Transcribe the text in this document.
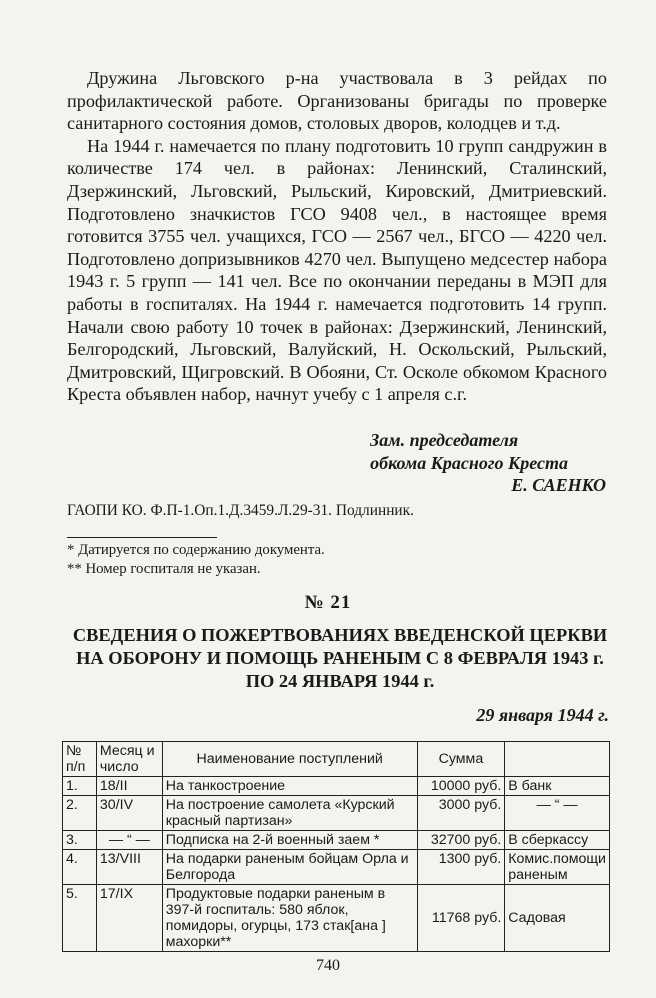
Дружина Льговского р-на участвовала в 3 рейдах по профилактической работе. Организованы бригады по проверке санитарного состояния домов, столовых дворов, колодцев и т.д.

На 1944 г. намечается по плану подготовить 10 групп сандружин в количестве 174 чел. в районах: Ленинский, Сталинский, Дзержинский, Льговский, Рыльский, Кировский, Дмитриевский. Подготовлено значкистов ГСО 9408 чел., в настоящее время готовится 3755 чел. учащихся, ГСО — 2567 чел., БГСО — 4220 чел. Подготовлено допризывников 4270 чел. Выпущено медсестер набора 1943 г. 5 групп — 141 чел. Все по окончании переданы в МЭП для работы в госпиталях. На 1944 г. намечается подготовить 14 групп. Начали свою работу 10 точек в районах: Дзержинский, Ленинский, Белгородский, Льговский, Валуйский, Н. Оскольский, Рыльский, Дмитровский, Щигровский. В Обояни, Ст. Осколе обкомом Красного Креста объявлен набор, начнут учебу с 1 апреля с.г.

Зам. председателя
обкома Красного Креста
Е. САЕНКО
ГАОПИ КО. Ф.П-1.Оп.1.Д.3459.Л.29-31. Подлинник.
* Датируется по содержанию документа.
** Номер госпиталя не указан.
№ 21
СВЕДЕНИЯ О ПОЖЕРТВОВАНИЯХ ВВЕДЕНСКОЙ ЦЕРКВИ НА ОБОРОНУ И ПОМОЩЬ РАНЕНЫМ С 8 ФЕВРАЛЯ 1943 г. ПО 24 ЯНВАРЯ 1944 г.
29 января 1944 г.
№ п/п	Месяц и число	Наименование поступлений	Сумма	
1.	18/II	На танкостроение	10000 руб.	В банк
2.	30/IV	На построение самолета «Курский красный партизан»	3000 руб.	— “ —
3.	— “ —	Подписка на 2-й военный заем *	32700 руб.	В сберкассу
4.	13/VIII	На подарки раненым бойцам Орла и Белгорода	1300 руб.	Комис.помощи раненым
5.	17/IX	Продуктовые подарки раненым в 397-й госпиталь: 580 яблок, помидоры, огурцы, 173 стак[ана ] махорки**	11768 руб.	Садовая
740
